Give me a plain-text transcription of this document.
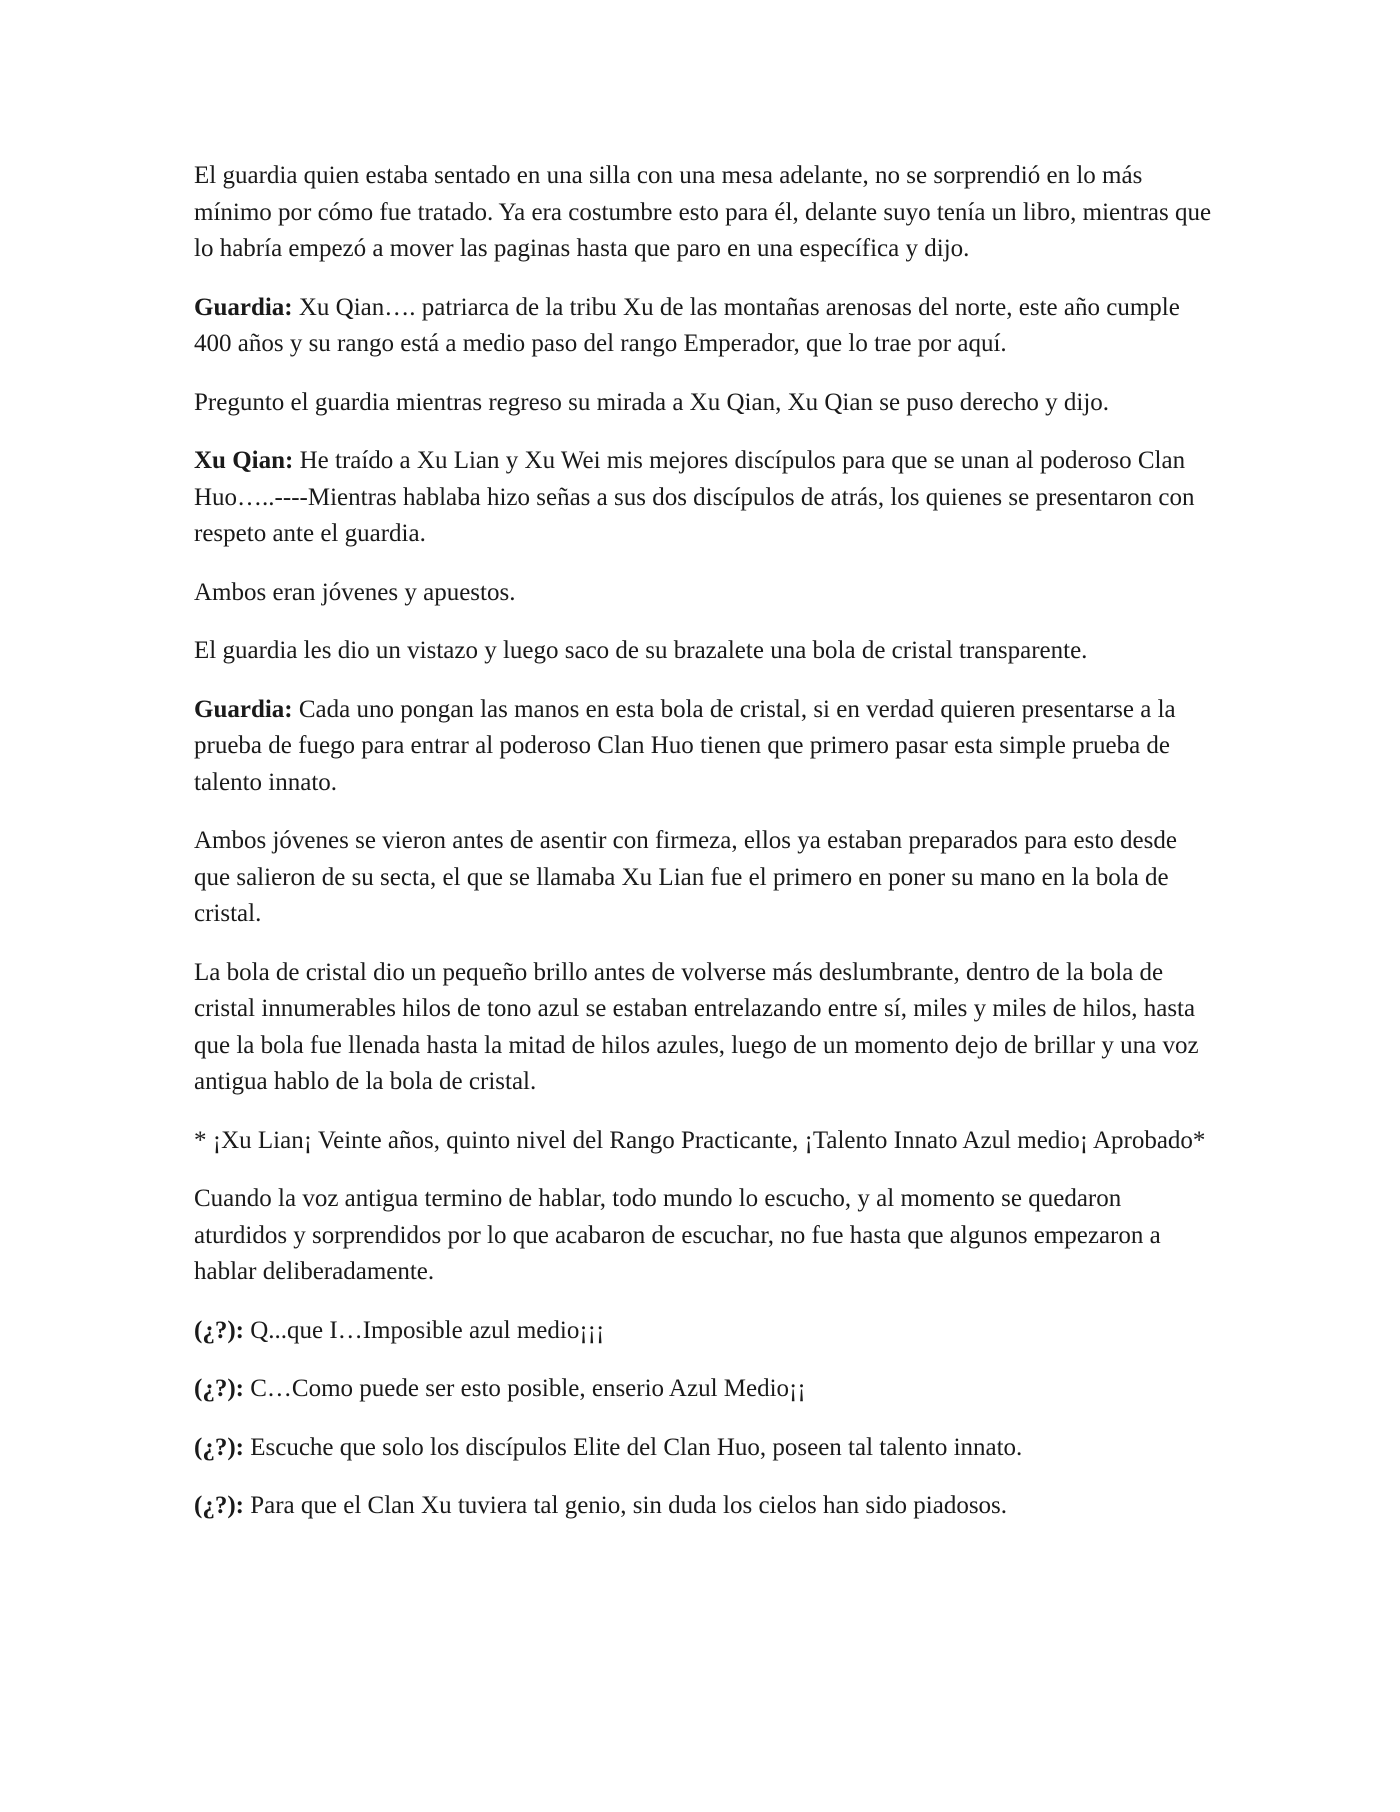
El guardia quien estaba sentado en una silla con una mesa adelante, no se sorprendió en lo más mínimo por cómo fue tratado. Ya era costumbre esto para él, delante suyo tenía un libro, mientras que lo habría empezó a mover las paginas hasta que paro en una específica y dijo.

Guardia: Xu Qian…. patriarca de la tribu Xu de las montañas arenosas del norte, este año cumple 400 años y su rango está a medio paso del rango Emperador, que lo trae por aquí.

Pregunto el guardia mientras regreso su mirada a Xu Qian, Xu Qian se puso derecho y dijo.

Xu Qian: He traído a Xu Lian y Xu Wei mis mejores discípulos para que se unan al poderoso Clan Huo…..----Mientras hablaba hizo señas a sus dos discípulos de atrás, los quienes se presentaron con respeto ante el guardia.

Ambos eran jóvenes y apuestos.

El guardia les dio un vistazo y luego saco de su brazalete una bola de cristal transparente.

Guardia: Cada uno pongan las manos en esta bola de cristal, si en verdad quieren presentarse a la prueba de fuego para entrar al poderoso Clan Huo tienen que primero pasar esta simple prueba de talento innato.

Ambos jóvenes se vieron antes de asentir con firmeza, ellos ya estaban preparados para esto desde que salieron de su secta, el que se llamaba Xu Lian fue el primero en poner su mano en la bola de cristal.

La bola de cristal dio un pequeño brillo antes de volverse más deslumbrante, dentro de la bola de cristal innumerables hilos de tono azul se estaban entrelazando entre sí, miles y miles de hilos, hasta que la bola fue llenada hasta la mitad de hilos azules, luego de un momento dejo de brillar y una voz antigua hablo de la bola de cristal.

* ¡Xu Lian¡ Veinte años, quinto nivel del Rango Practicante, ¡Talento Innato Azul medio¡ Aprobado*

Cuando la voz antigua termino de hablar, todo mundo lo escucho, y al momento se quedaron aturdidos y sorprendidos por lo que acabaron de escuchar, no fue hasta que algunos empezaron a hablar deliberadamente.

(¿?): Q...que I…Imposible azul medio¡¡¡

(¿?): C…Como puede ser esto posible, enserio Azul Medio¡¡

(¿?): Escuche que solo los discípulos Elite del Clan Huo, poseen tal talento innato.

(¿?): Para que el Clan Xu tuviera tal genio, sin duda los cielos han sido piadosos.
